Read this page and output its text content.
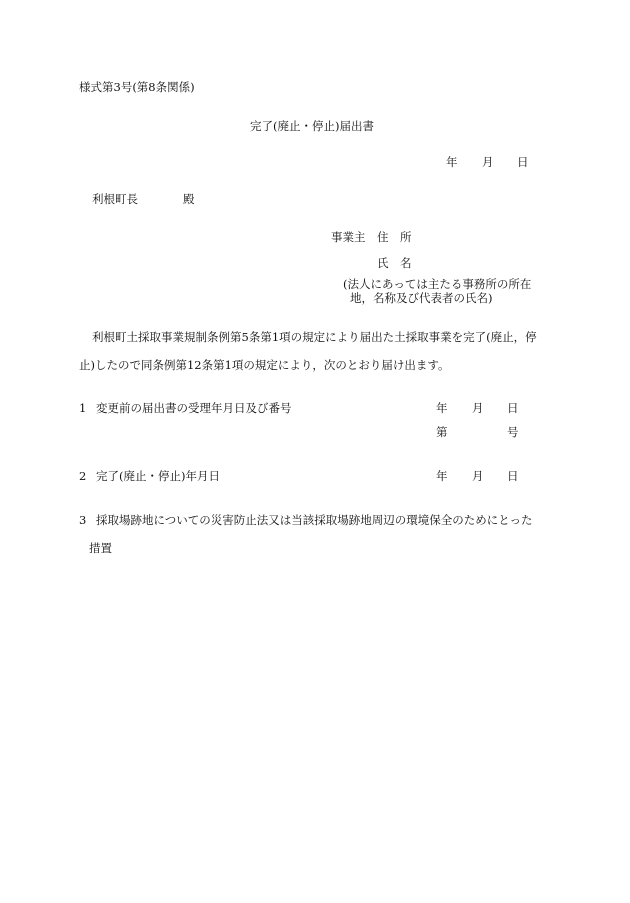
様式第3号(第8条関係)
完了(廃止・停止)届出書
年 月 日
利根町長	殿
事業主 住　所
氏　名
(法人にあっては主たる事務所の所在
地，名称及び代表者の氏名)
利根町土採取事業規制条例第5条第1項の規定により届出た土採取事業を完了(廃止，停
止)したので同条例第12条第1項の規定により，次のとおり届け出ます。
1 変更前の届出書の受理年月日及び番号	年 月 日
第	号
2 完了(廃止・停止)年月日	年 月 日
3 採取場跡地についての災害防止法又は当該採取場跡地周辺の環境保全のためにとった
措置
